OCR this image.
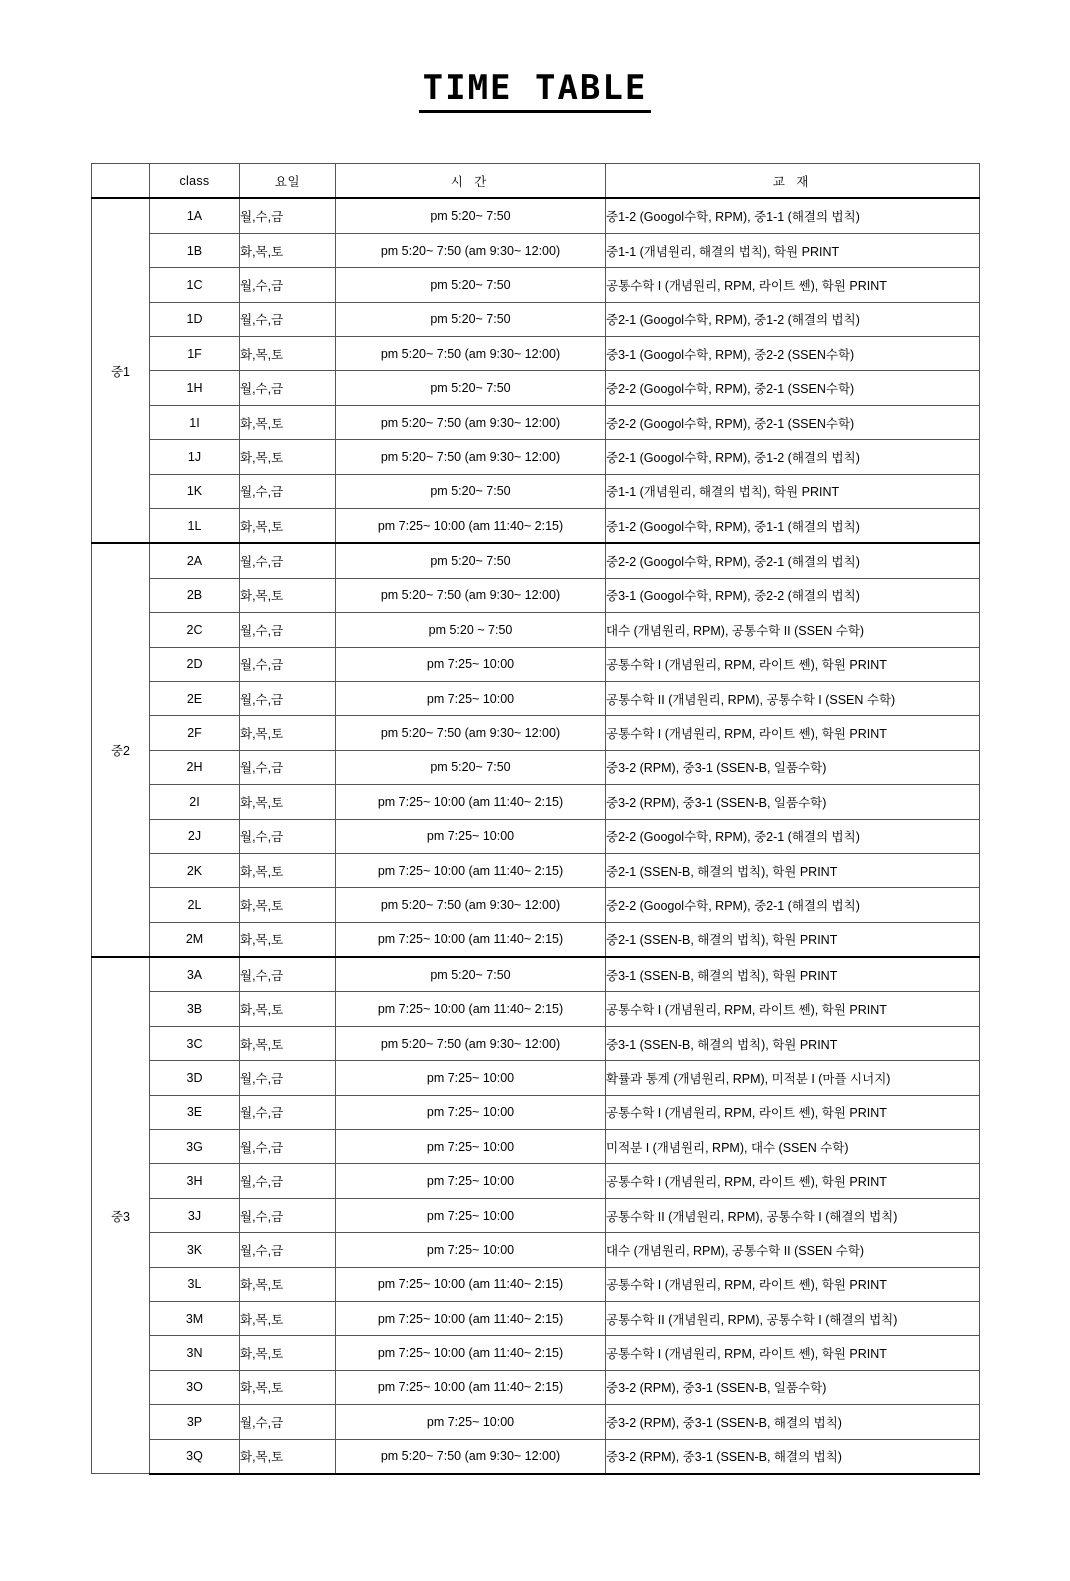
TIME TABLE
	class	요일	시 간	교 재
중1	1A	월,수,금	pm 5:20~ 7:50	중1-2 (Googol수학, RPM), 중1-1 (해결의 법칙)
	1B	화,목,토	pm 5:20~ 7:50 (am 9:30~ 12:00)	중1-1 (개념원리, 해결의 법칙), 학원 PRINT
	1C	월,수,금	pm 5:20~ 7:50	공통수학 I (개념원리, RPM, 라이트 쎈), 학원 PRINT
	1D	월,수,금	pm 5:20~ 7:50	중2-1 (Googol수학, RPM), 중1-2 (해결의 법칙)
	1F	화,목,토	pm 5:20~ 7:50 (am 9:30~ 12:00)	중3-1 (Googol수학, RPM), 중2-2 (SSEN수학)
	1H	월,수,금	pm 5:20~ 7:50	중2-2 (Googol수학, RPM), 중2-1 (SSEN수학)
	1I	화,목,토	pm 5:20~ 7:50 (am 9:30~ 12:00)	중2-2 (Googol수학, RPM), 중2-1 (SSEN수학)
	1J	화,목,토	pm 5:20~ 7:50 (am 9:30~ 12:00)	중2-1 (Googol수학, RPM), 중1-2 (해결의 법칙)
	1K	월,수,금	pm 5:20~ 7:50	중1-1 (개념원리, 해결의 법칙), 학원 PRINT
	1L	화,목,토	pm 7:25~ 10:00 (am 11:40~ 2:15)	중1-2 (Googol수학, RPM), 중1-1 (해결의 법칙)
중2	2A	월,수,금	pm 5:20~ 7:50	중2-2 (Googol수학, RPM), 중2-1 (해결의 법칙)
	2B	화,목,토	pm 5:20~ 7:50 (am 9:30~ 12:00)	중3-1 (Googol수학, RPM), 중2-2 (해결의 법칙)
	2C	월,수,금	pm 5:20 ~ 7:50	대수 (개념원리, RPM), 공통수학 II (SSEN 수학)
	2D	월,수,금	pm 7:25~ 10:00	공통수학 I (개념원리, RPM, 라이트 쎈), 학원 PRINT
	2E	월,수,금	pm 7:25~ 10:00	공통수학 II (개념원리, RPM), 공통수학 I (SSEN 수학)
	2F	화,목,토	pm 5:20~ 7:50 (am 9:30~ 12:00)	공통수학 I (개념원리, RPM, 라이트 쎈), 학원 PRINT
	2H	월,수,금	pm 5:20~ 7:50	중3-2 (RPM), 중3-1 (SSEN-B, 일품수학)
	2I	화,목,토	pm 7:25~ 10:00 (am 11:40~ 2:15)	중3-2 (RPM), 중3-1 (SSEN-B, 일품수학)
	2J	월,수,금	pm 7:25~ 10:00	중2-2 (Googol수학, RPM), 중2-1 (해결의 법칙)
	2K	화,목,토	pm 7:25~ 10:00 (am 11:40~ 2:15)	중2-1 (SSEN-B, 해결의 법칙), 학원 PRINT
	2L	화,목,토	pm 5:20~ 7:50 (am 9:30~ 12:00)	중2-2 (Googol수학, RPM), 중2-1 (해결의 법칙)
	2M	화,목,토	pm 7:25~ 10:00 (am 11:40~ 2:15)	중2-1 (SSEN-B, 해결의 법칙), 학원 PRINT
중3	3A	월,수,금	pm 5:20~ 7:50	중3-1 (SSEN-B, 해결의 법칙), 학원 PRINT
	3B	화,목,토	pm 7:25~ 10:00 (am 11:40~ 2:15)	공통수학 I (개념원리, RPM, 라이트 쎈), 학원 PRINT
	3C	화,목,토	pm 5:20~ 7:50 (am 9:30~ 12:00)	중3-1 (SSEN-B, 해결의 법칙), 학원 PRINT
	3D	월,수,금	pm 7:25~ 10:00	확률과 통계 (개념원리, RPM), 미적분 I (마플 시너지)
	3E	월,수,금	pm 7:25~ 10:00	공통수학 I (개념원리, RPM, 라이트 쎈), 학원 PRINT
	3G	월,수,금	pm 7:25~ 10:00	미적분 I (개념원리, RPM), 대수 (SSEN 수학)
	3H	월,수,금	pm 7:25~ 10:00	공통수학 I (개념원리, RPM, 라이트 쎈), 학원 PRINT
	3J	월,수,금	pm 7:25~ 10:00	공통수학 II (개념원리, RPM), 공통수학 I (해결의 법칙)
	3K	월,수,금	pm 7:25~ 10:00	대수 (개념원리, RPM), 공통수학 II (SSEN 수학)
	3L	화,목,토	pm 7:25~ 10:00 (am 11:40~ 2:15)	공통수학 I (개념원리, RPM, 라이트 쎈), 학원 PRINT
	3M	화,목,토	pm 7:25~ 10:00 (am 11:40~ 2:15)	공통수학 II (개념원리, RPM), 공통수학 I (해결의 법칙)
	3N	화,목,토	pm 7:25~ 10:00 (am 11:40~ 2:15)	공통수학 I (개념원리, RPM, 라이트 쎈), 학원 PRINT
	3O	화,목,토	pm 7:25~ 10:00 (am 11:40~ 2:15)	중3-2 (RPM), 중3-1 (SSEN-B, 일품수학)
	3P	월,수,금	pm 7:25~ 10:00	중3-2 (RPM), 중3-1 (SSEN-B, 해결의 법칙)
	3Q	화,목,토	pm 5:20~ 7:50 (am 9:30~ 12:00)	중3-2 (RPM), 중3-1 (SSEN-B, 해결의 법칙)
